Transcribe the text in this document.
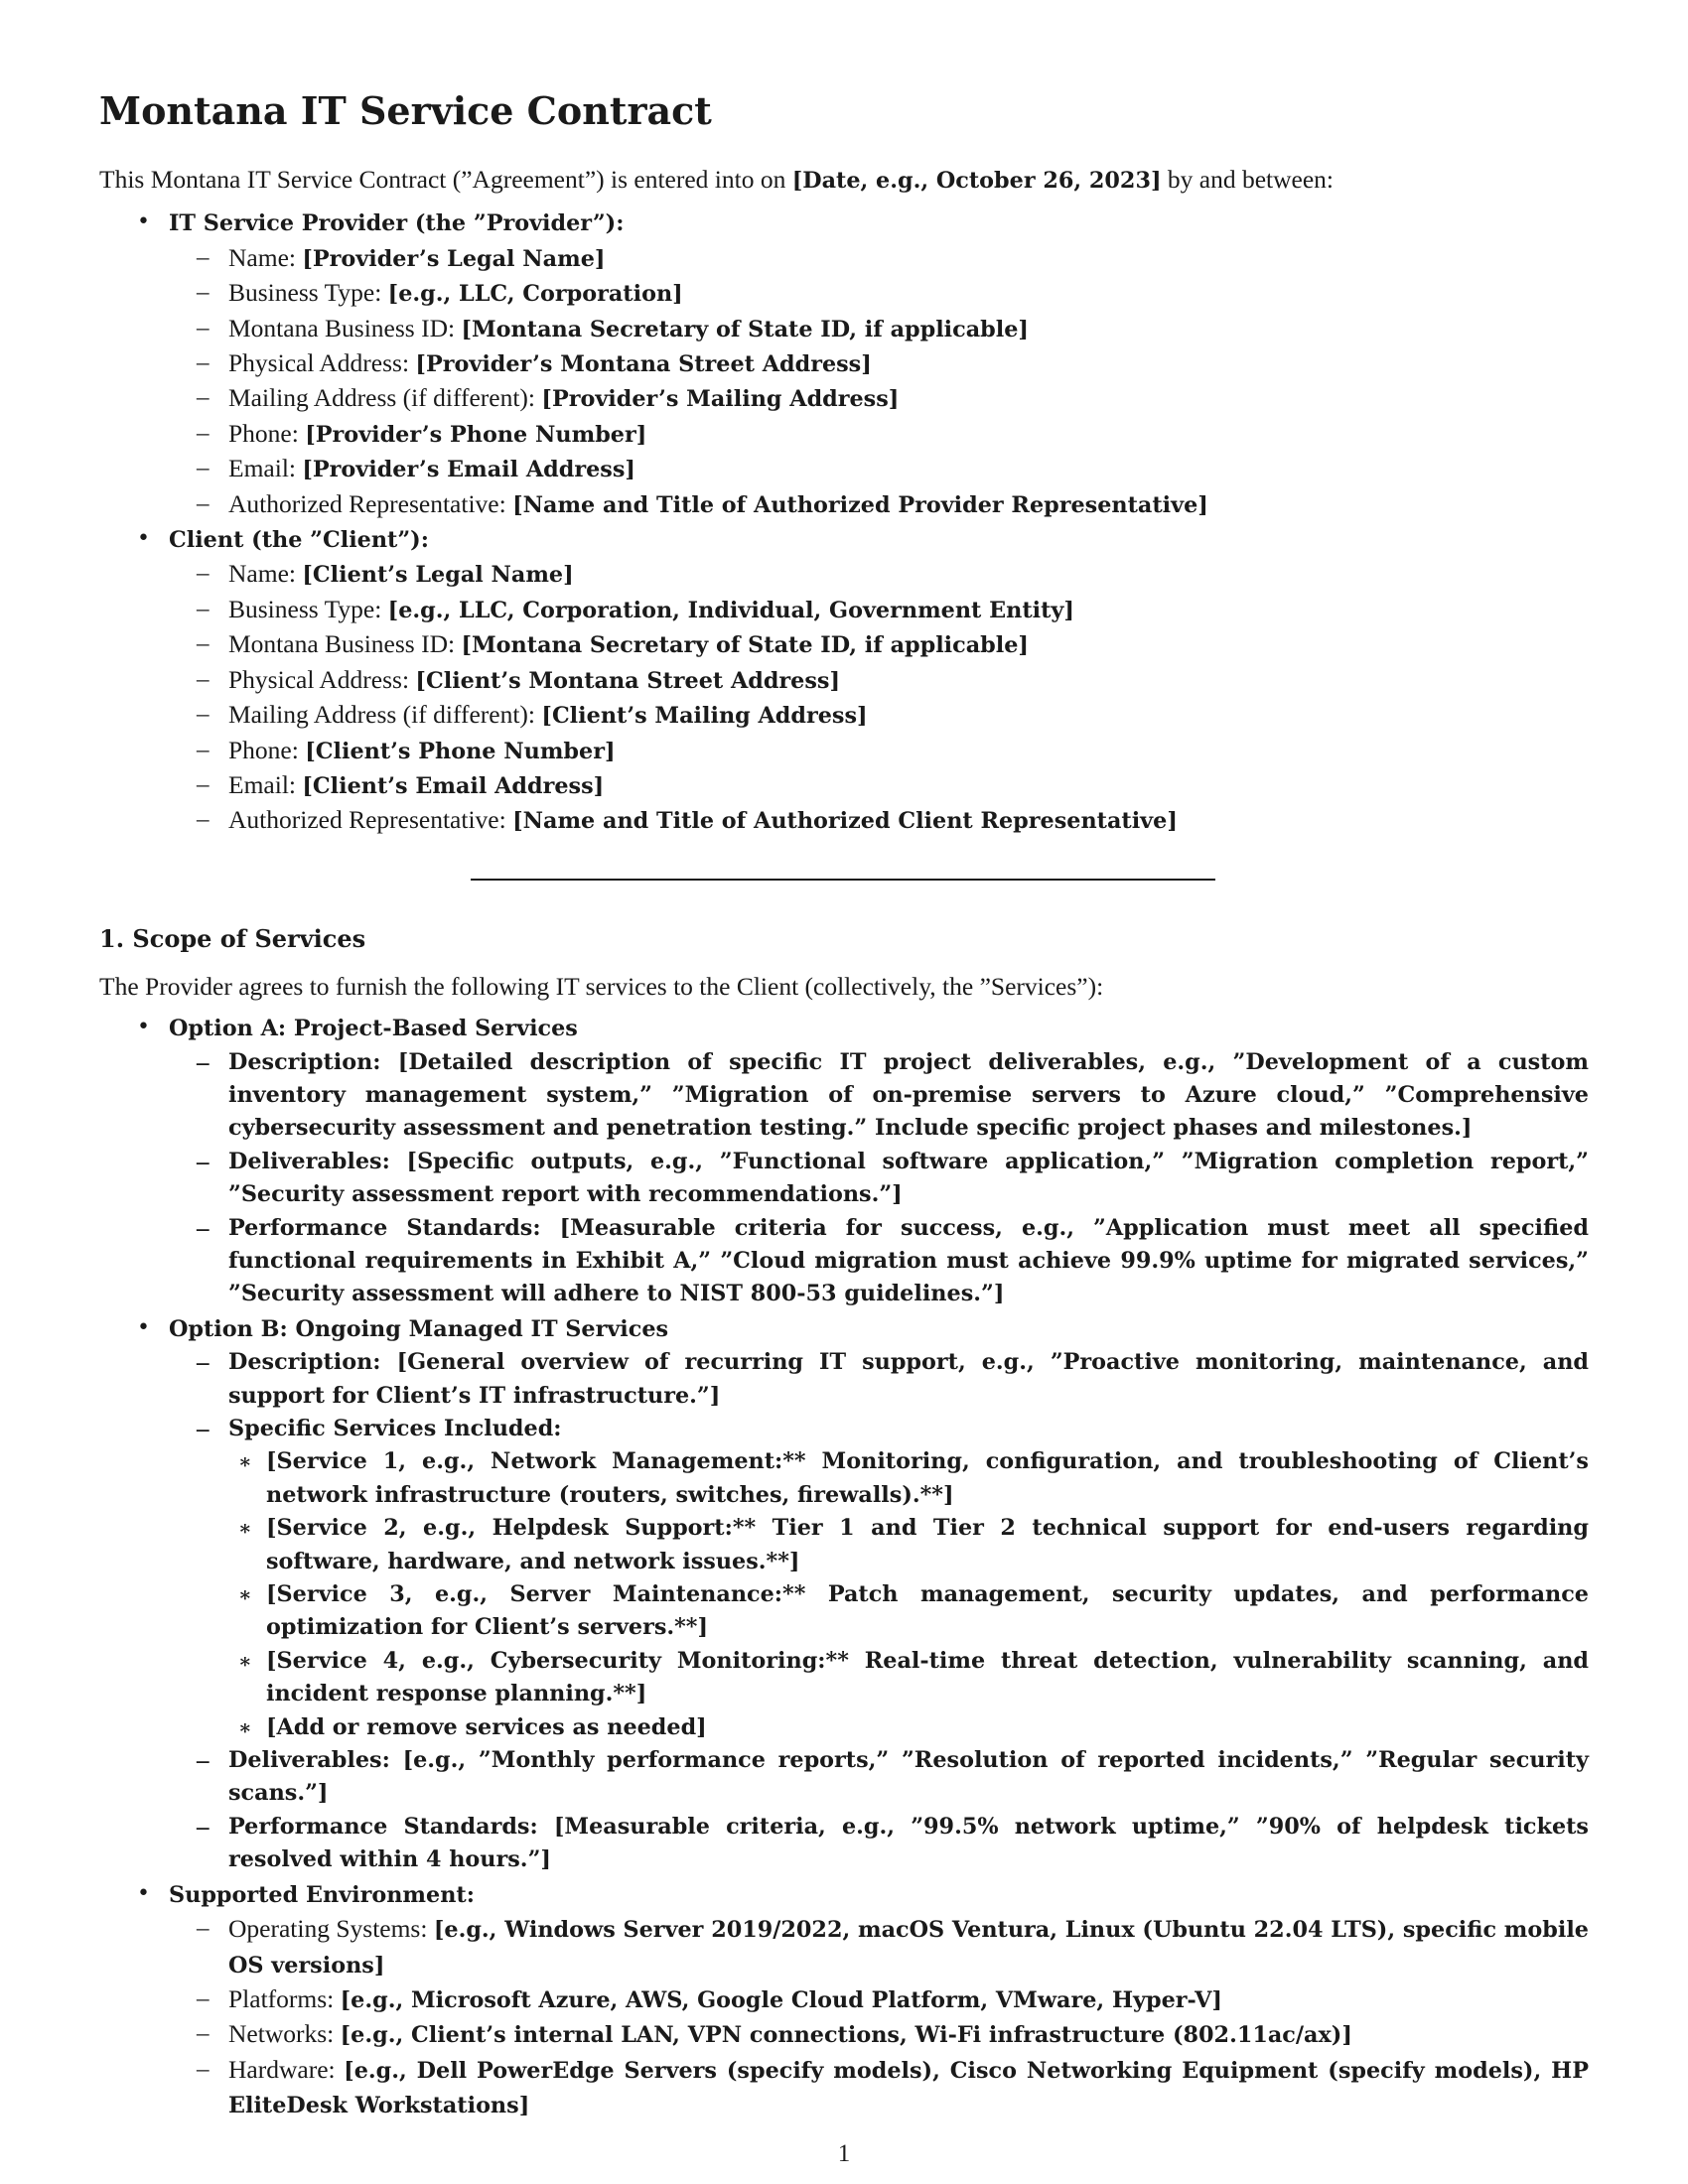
Montana IT Service Contract

This Montana IT Service Contract (”Agreement”) is entered into on [Date, e.g., October 26, 2023] by and between:

• IT Service Provider (the ”Provider”):
– Name: [Provider’s Legal Name]
– Business Type: [e.g., LLC, Corporation]
– Montana Business ID: [Montana Secretary of State ID, if applicable]
– Physical Address: [Provider’s Montana Street Address]
– Mailing Address (if different): [Provider’s Mailing Address]
– Phone: [Provider’s Phone Number]
– Email: [Provider’s Email Address]
– Authorized Representative: [Name and Title of Authorized Provider Representative]
• Client (the ”Client”):
– Name: [Client’s Legal Name]
– Business Type: [e.g., LLC, Corporation, Individual, Government Entity]
– Montana Business ID: [Montana Secretary of State ID, if applicable]
– Physical Address: [Client’s Montana Street Address]
– Mailing Address (if different): [Client’s Mailing Address]
– Phone: [Client’s Phone Number]
– Email: [Client’s Email Address]
– Authorized Representative: [Name and Title of Authorized Client Representative]
1. Scope of Services

The Provider agrees to furnish the following IT services to the Client (collectively, the ”Services”):

• Option A: Project-Based Services
– Description: [Detailed description of specific IT project deliverables, e.g., ”Development of a custom inventory management system,” ”Migration of on-premise servers to Azure cloud,” ”Comprehensive cybersecurity assessment and penetration testing.” Include specific project phases and milestones.]
– Deliverables: [Specific outputs, e.g., ”Functional software application,” ”Migration completion report,” ”Security assessment report with recommendations.”]
– Performance Standards: [Measurable criteria for success, e.g., ”Application must meet all specified functional requirements in Exhibit A,” ”Cloud migration must achieve 99.9% uptime for migrated services,” ”Security assessment will adhere to NIST 800-53 guidelines.”]
• Option B: Ongoing Managed IT Services
– Description: [General overview of recurring IT support, e.g., ”Proactive monitoring, maintenance, and support for Client’s IT infrastructure.”]
– Specific Services Included:
∗ [Service 1, e.g., Network Management:** Monitoring, configuration, and troubleshooting of Client’s network infrastructure (routers, switches, firewalls).**]
∗ [Service 2, e.g., Helpdesk Support:** Tier 1 and Tier 2 technical support for end-users regarding software, hardware, and network issues.**]
∗ [Service 3, e.g., Server Maintenance:** Patch management, security updates, and performance optimization for Client’s servers.**]
∗ [Service 4, e.g., Cybersecurity Monitoring:** Real-time threat detection, vulnerability scanning, and incident response planning.**]
∗ [Add or remove services as needed]
– Deliverables: [e.g., ”Monthly performance reports,” ”Resolution of reported incidents,” ”Regular security scans.”]
– Performance Standards: [Measurable criteria, e.g., ”99.5% network uptime,” ”90% of helpdesk tickets resolved within 4 hours.”]
• Supported Environment:
– Operating Systems: [e.g., Windows Server 2019/2022, macOS Ventura, Linux (Ubuntu 22.04 LTS), specific mobile OS versions]
– Platforms: [e.g., Microsoft Azure, AWS, Google Cloud Platform, VMware, Hyper-V]
– Networks: [e.g., Client’s internal LAN, VPN connections, Wi-Fi infrastructure (802.11ac/ax)]
– Hardware: [e.g., Dell PowerEdge Servers (specify models), Cisco Networking Equipment (specify models), HP EliteDesk Workstations]
1
